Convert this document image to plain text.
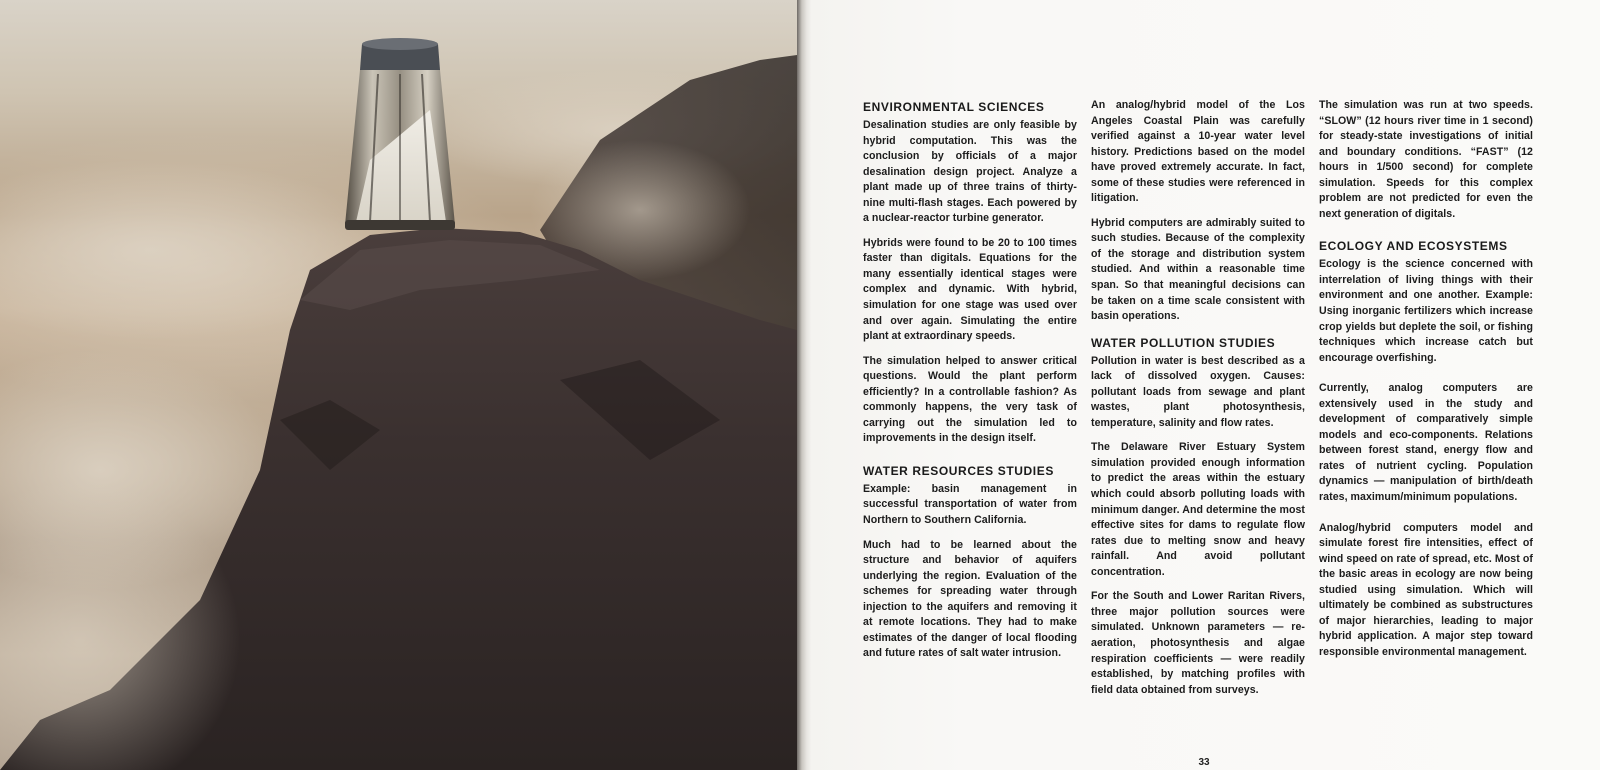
ENVIRONMENTAL SCIENCES

Desalination studies are only feasible by hybrid computation. This was the conclusion by officials of a major desalination design project. Analyze a plant made up of three trains of thirty-nine multi-flash stages. Each powered by a nuclear-reactor turbine generator.

Hybrids were found to be 20 to 100 times faster than digitals. Equations for the many essentially identical stages were complex and dynamic. With hybrid, simulation for one stage was used over and over again. Simulating the entire plant at extraordinary speeds.

The simulation helped to answer critical questions. Would the plant perform efficiently? In a controllable fashion? As commonly happens, the very task of carrying out the simulation led to improvements in the design itself.

WATER RESOURCES STUDIES

Example: basin management in successful transportation of water from Northern to Southern California.

Much had to be learned about the structure and behavior of aquifers underlying the region. Evaluation of the schemes for spreading water through injection to the aquifers and removing it at remote locations. They had to make estimates of the danger of local flooding and future rates of salt water intrusion.

An analog/hybrid model of the Los Angeles Coastal Plain was carefully verified against a 10-year water level history. Predictions based on the model have proved extremely accurate. In fact, some of these studies were referenced in litigation.

Hybrid computers are admirably suited to such studies. Because of the complexity of the storage and distribution system studied. And within a reasonable time span. So that meaningful decisions can be taken on a time scale consistent with basin operations.

WATER POLLUTION STUDIES

Pollution in water is best described as a lack of dissolved oxygen. Causes: pollutant loads from sewage and plant wastes, plant photosynthesis, temperature, salinity and flow rates.

The Delaware River Estuary System simulation provided enough information to predict the areas within the estuary which could absorb polluting loads with minimum danger. And determine the most effective sites for dams to regulate flow rates due to melting snow and heavy rainfall. And avoid pollutant concentration.

For the South and Lower Raritan Rivers, three major pollution sources were simulated. Unknown parameters — re-aeration, photosynthesis and algae respiration coefficients — were readily established, by matching profiles with field data obtained from surveys.

The simulation was run at two speeds. “SLOW” (12 hours river time in 1 second) for steady-state investigations of initial and boundary conditions. “FAST” (12 hours in 1/500 second) for complete simulation. Speeds for this complex problem are not predicted for even the next generation of digitals.

ECOLOGY AND ECOSYSTEMS

Ecology is the science concerned with interrelation of living things with their environment and one another. Example: Using inorganic fertilizers which increase crop yields but deplete the soil, or fishing techniques which increase catch but encourage overfishing.

Currently, analog computers are extensively used in the study and development of comparatively simple models and eco-components. Relations between forest stand, energy flow and rates of nutrient cycling. Population dynamics — manipulation of birth/death rates, maximum/minimum populations.

Analog/hybrid computers model and simulate forest fire intensities, effect of wind speed on rate of spread, etc. Most of the basic areas in ecology are now being studied using simulation. Which will ultimately be combined as substructures of major hierarchies, leading to major hybrid application. A major step toward responsible environmental management.

33
